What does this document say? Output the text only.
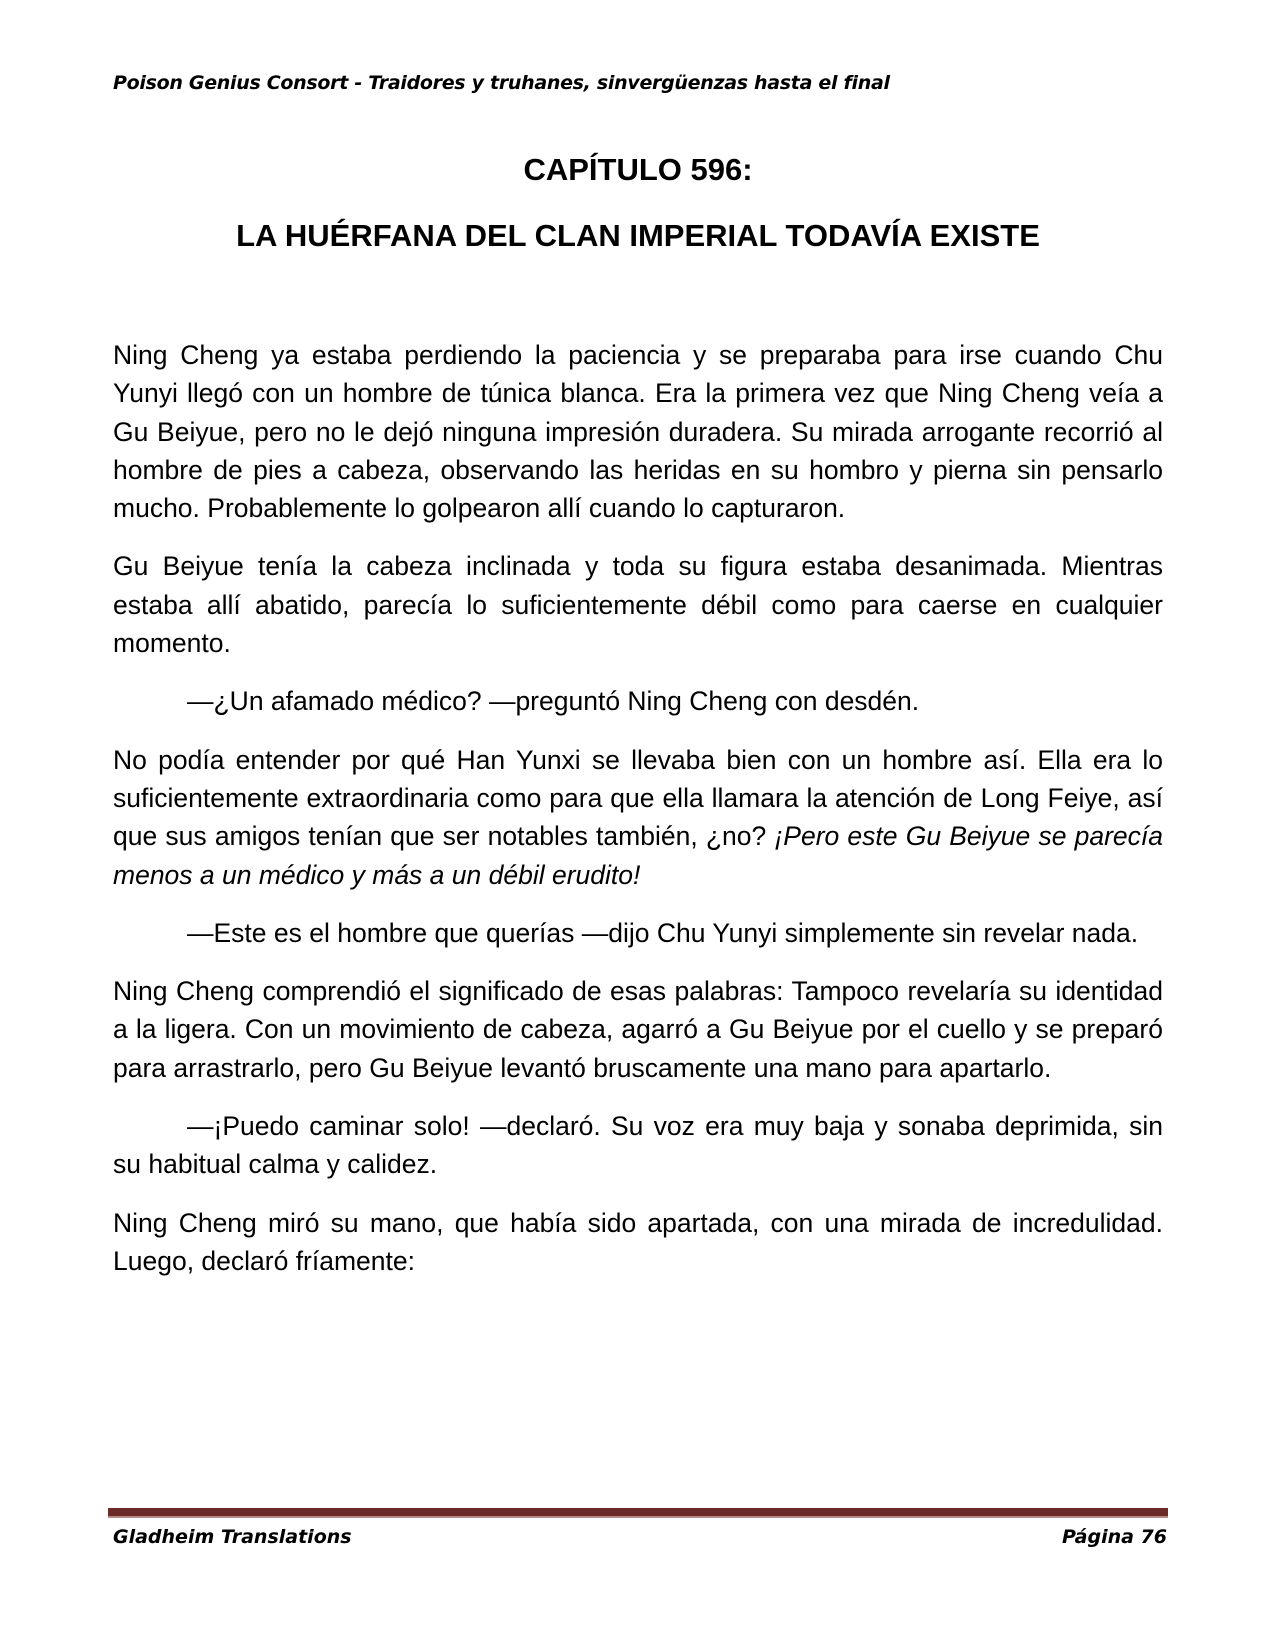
Poison Genius Consort - Traidores y truhanes, sinvergüenzas hasta el final
CAPÍTULO 596:
LA HUÉRFANA DEL CLAN IMPERIAL TODAVÍA EXISTE

Ning Cheng ya estaba perdiendo la paciencia y se preparaba para irse cuando Chu Yunyi llegó con un hombre de túnica blanca. Era la primera vez que Ning Cheng veía a Gu Beiyue, pero no le dejó ninguna impresión duradera. Su mirada arrogante recorrió al hombre de pies a cabeza, observando las heridas en su hombro y pierna sin pensarlo mucho. Probablemente lo golpearon allí cuando lo capturaron.

Gu Beiyue tenía la cabeza inclinada y toda su figura estaba desanimada. Mientras estaba allí abatido, parecía lo suficientemente débil como para caerse en cualquier momento.

—¿Un afamado médico? —preguntó Ning Cheng con desdén.

No podía entender por qué Han Yunxi se llevaba bien con un hombre así. Ella era lo suficientemente extraordinaria como para que ella llamara la atención de Long Feiye, así que sus amigos tenían que ser notables también, ¿no? ¡Pero este Gu Beiyue se parecía menos a un médico y más a un débil erudito!

—Este es el hombre que querías —dijo Chu Yunyi simplemente sin revelar nada.

Ning Cheng comprendió el significado de esas palabras: Tampoco revelaría su identidad a la ligera. Con un movimiento de cabeza, agarró a Gu Beiyue por el cuello y se preparó para arrastrarlo, pero Gu Beiyue levantó bruscamente una mano para apartarlo.

—¡Puedo caminar solo! —declaró. Su voz era muy baja y sonaba deprimida, sin su habitual calma y calidez.

Ning Cheng miró su mano, que había sido apartada, con una mirada de incredulidad. Luego, declaró fríamente:

Gladheim Translations	Página 76
